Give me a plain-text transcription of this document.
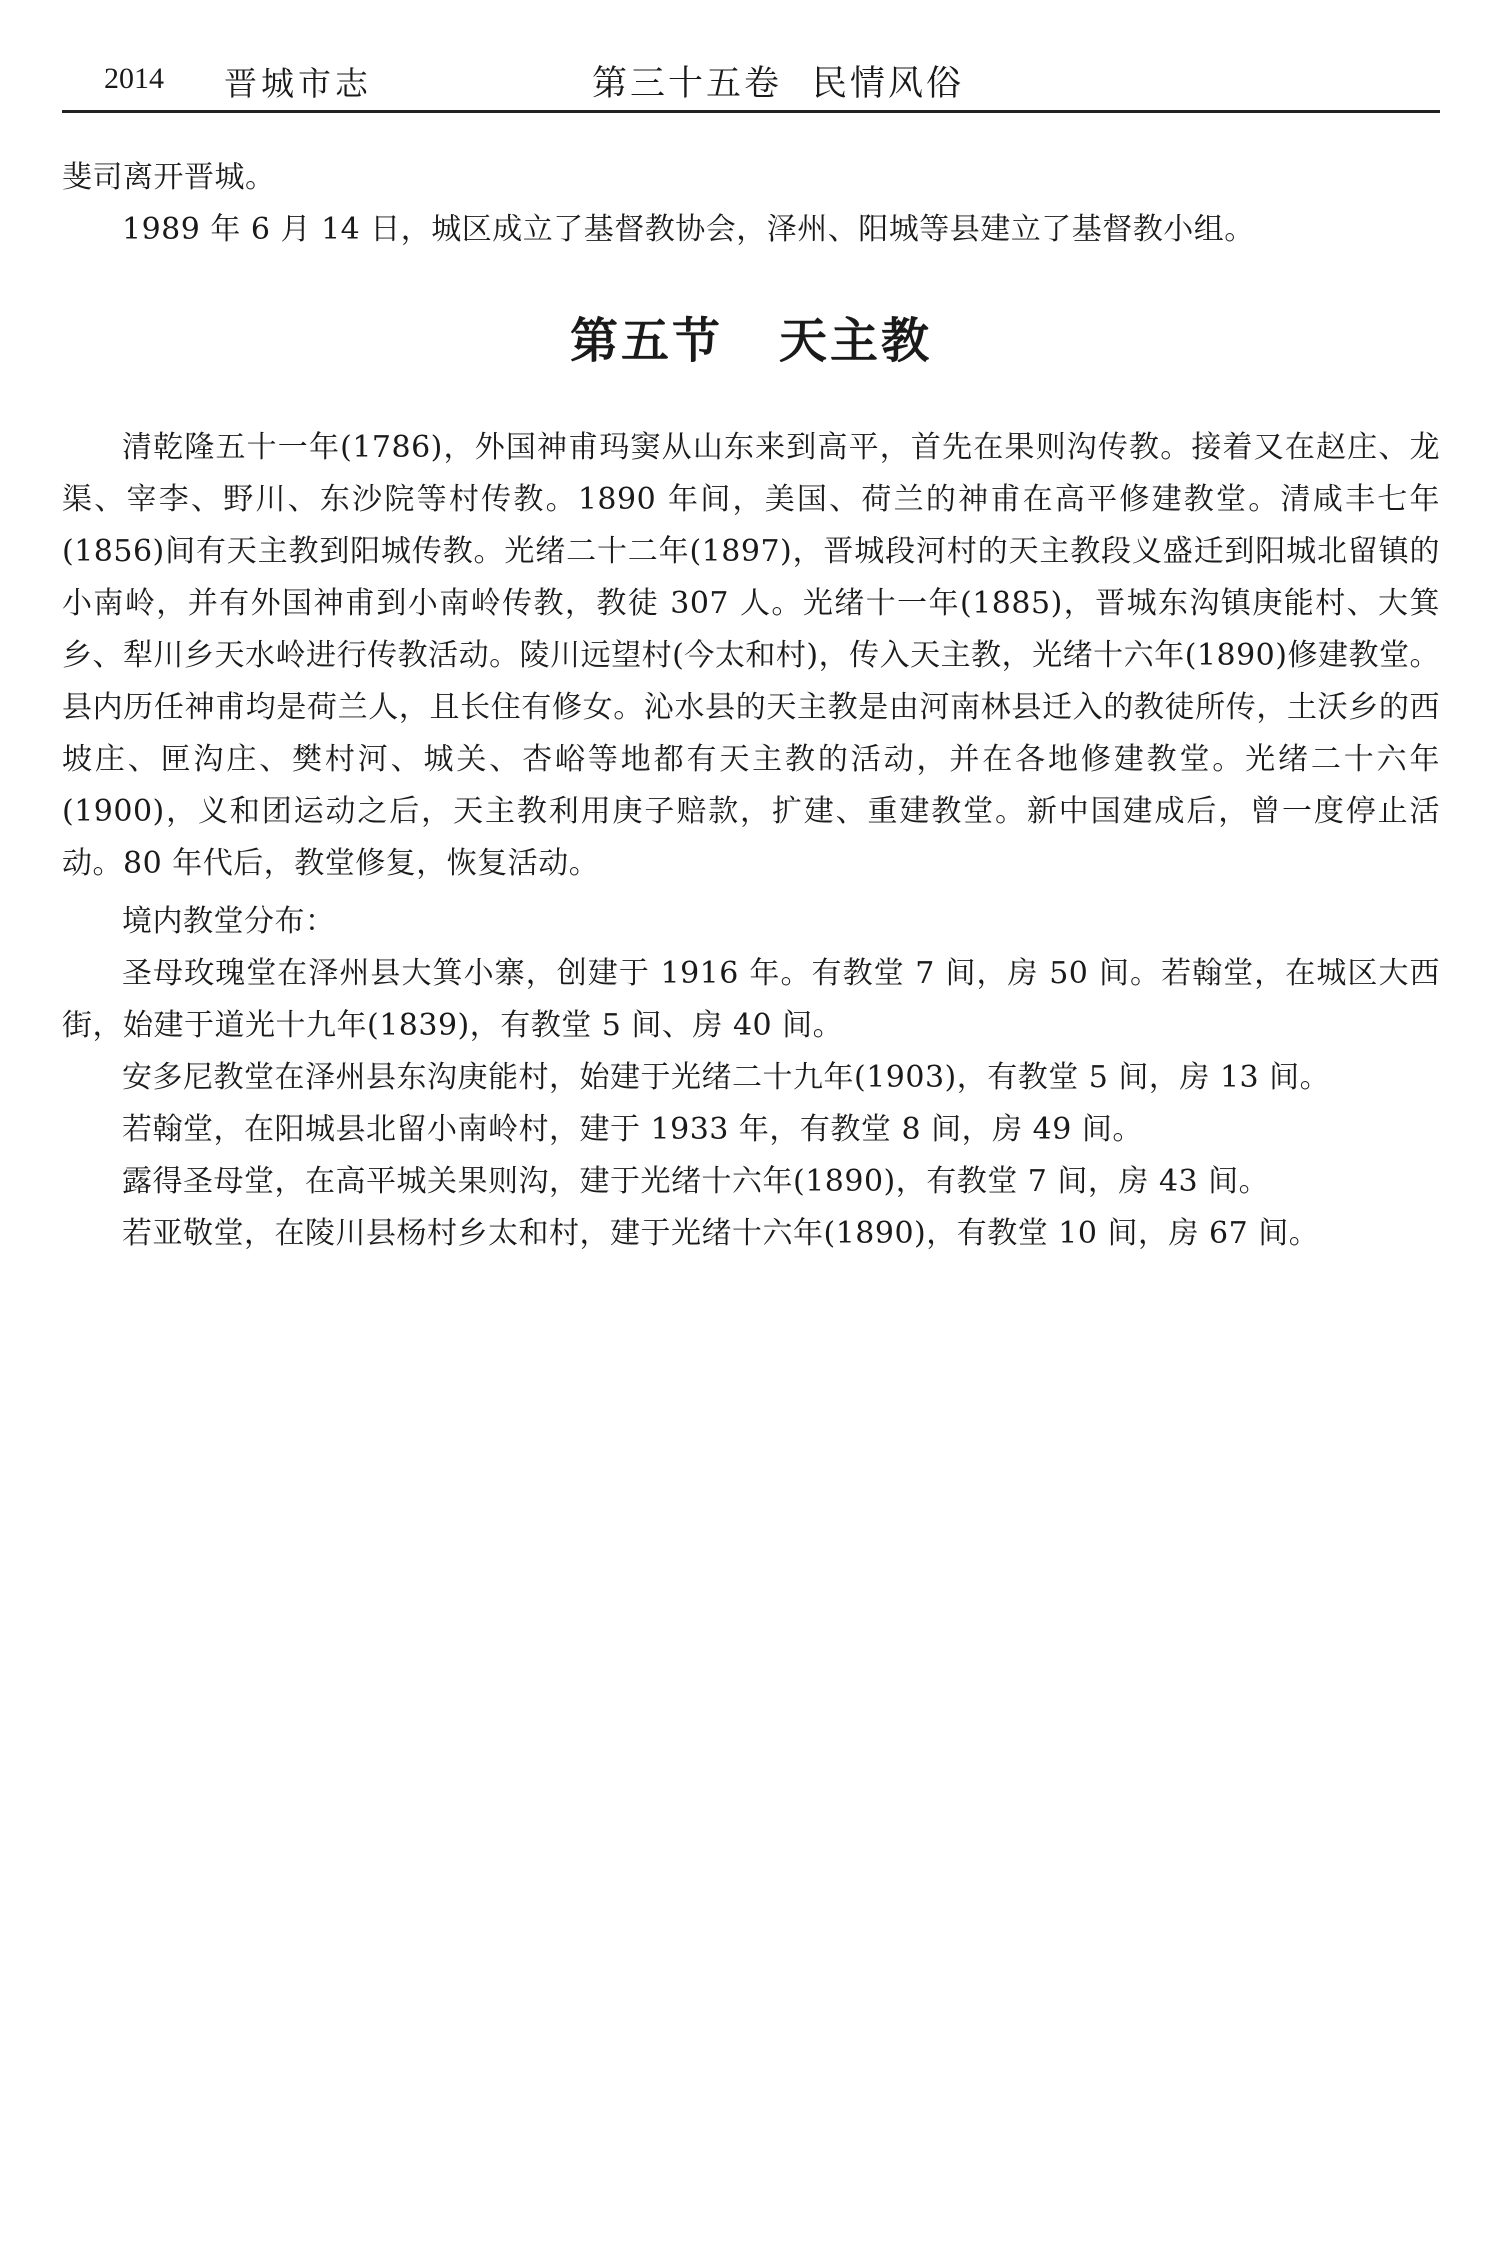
2014 晋城市志	第三十五卷 民情风俗

斐司离开晋城。

1989 年 6 月 14 日，城区成立了基督教协会，泽州、阳城等县建立了基督教小组。

第五节 天主教

清乾隆五十一年(1786)，外国神甫玛窦从山东来到高平，首先在果则沟传教。接着又在赵庄、龙渠、宰李、野川、东沙院等村传教。1890 年间，美国、荷兰的神甫在高平修建教堂。清咸丰七年(1856)间有天主教到阳城传教。光绪二十二年(1897)，晋城段河村的天主教段义盛迁到阳城北留镇的小南岭，并有外国神甫到小南岭传教，教徒 307 人。光绪十一年(1885)，晋城东沟镇庚能村、大箕乡、犁川乡天水岭进行传教活动。陵川远望村(今太和村)，传入天主教，光绪十六年(1890)修建教堂。县内历任神甫均是荷兰人，且长住有修女。沁水县的天主教是由河南林县迁入的教徒所传，土沃乡的西坡庄、匣沟庄、樊村河、城关、杏峪等地都有天主教的活动，并在各地修建教堂。光绪二十六年(1900)，义和团运动之后，天主教利用庚子赔款，扩建、重建教堂。新中国建成后，曾一度停止活动。80 年代后，教堂修复，恢复活动。

境内教堂分布：

圣母玫瑰堂在泽州县大箕小寨，创建于 1916 年。有教堂 7 间，房 50 间。若翰堂，在城区大西街，始建于道光十九年(1839)，有教堂 5 间、房 40 间。

安多尼教堂在泽州县东沟庚能村，始建于光绪二十九年(1903)，有教堂 5 间，房 13 间。

若翰堂，在阳城县北留小南岭村，建于 1933 年，有教堂 8 间，房 49 间。

露得圣母堂，在高平城关果则沟，建于光绪十六年(1890)，有教堂 7 间，房 43 间。

若亚敬堂，在陵川县杨村乡太和村，建于光绪十六年(1890)，有教堂 10 间，房 67 间。
